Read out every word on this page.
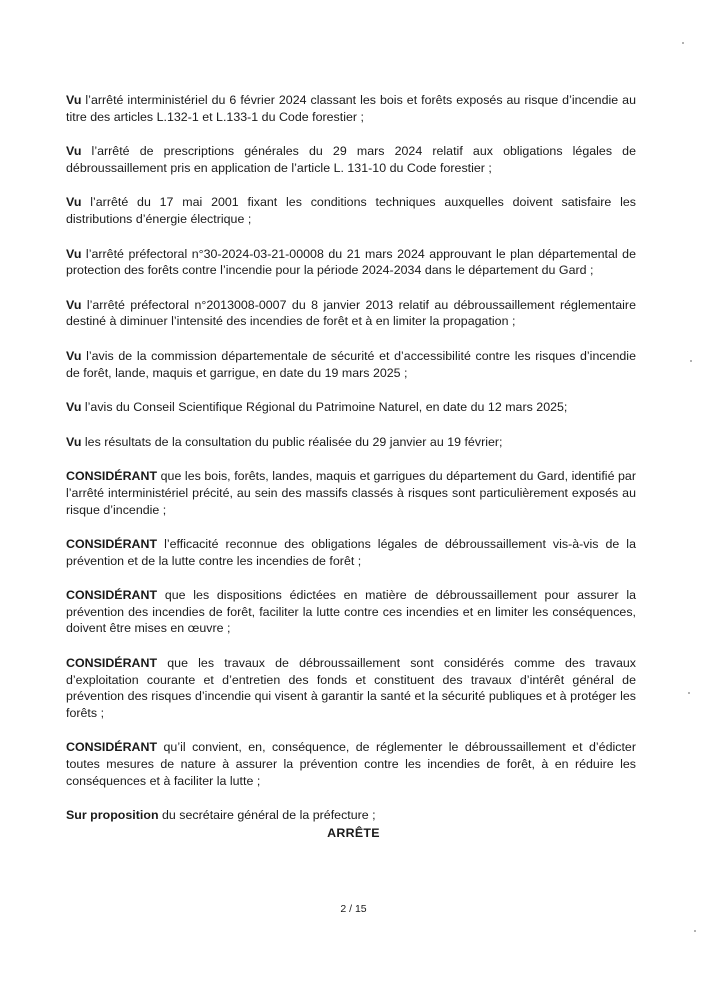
Vu l’arrêté interministériel du 6 février 2024 classant les bois et forêts exposés au risque d’incendie au titre des articles L.132-1 et L.133-1 du Code forestier ;

Vu l’arrêté de prescriptions générales du 29 mars 2024 relatif aux obligations légales de débroussaillement pris en application de l’article L. 131-10 du Code forestier ;

Vu l’arrêté du 17 mai 2001 fixant les conditions techniques auxquelles doivent satisfaire les distributions d’énergie électrique ;

Vu l’arrêté préfectoral n°30-2024-03-21-00008 du 21 mars 2024 approuvant le plan départemental de protection des forêts contre l’incendie pour la période 2024-2034 dans le département du Gard ;

Vu l’arrêté préfectoral n°2013008-0007 du 8 janvier 2013 relatif au débroussaillement réglementaire destiné à diminuer l’intensité des incendies de forêt et à en limiter la propagation ;

Vu l’avis de la commission départementale de sécurité et d’accessibilité contre les risques d’incendie de forêt, lande, maquis et garrigue, en date du 19 mars 2025 ;

Vu l’avis du Conseil Scientifique Régional du Patrimoine Naturel, en date du 12 mars 2025;

Vu les résultats de la consultation du public réalisée du 29 janvier au 19 février;

CONSIDÉRANT que les bois, forêts, landes, maquis et garrigues du département du Gard, identifié par l’arrêté interministériel précité, au sein des massifs classés à risques sont particulièrement exposés au risque d’incendie ;

CONSIDÉRANT l’efficacité reconnue des obligations légales de débroussaillement vis-à-vis de la prévention et de la lutte contre les incendies de forêt ;

CONSIDÉRANT que les dispositions édictées en matière de débroussaillement pour assurer la prévention des incendies de forêt, faciliter la lutte contre ces incendies et en limiter les conséquences, doivent être mises en œuvre ;

CONSIDÉRANT que les travaux de débroussaillement sont considérés comme des travaux d’exploitation courante et d’entretien des fonds et constituent des travaux d’intérêt général de prévention des risques d’incendie qui visent à garantir la santé et la sécurité publiques et à protéger les forêts ;

CONSIDÉRANT qu’il convient, en, conséquence, de réglementer le débroussaillement et d’édicter toutes mesures de nature à assurer la prévention contre les incendies de forêt, à en réduire les conséquences et à faciliter la lutte ;

Sur proposition du secrétaire général de la préfecture ;

ARRÊTE
2 / 15
